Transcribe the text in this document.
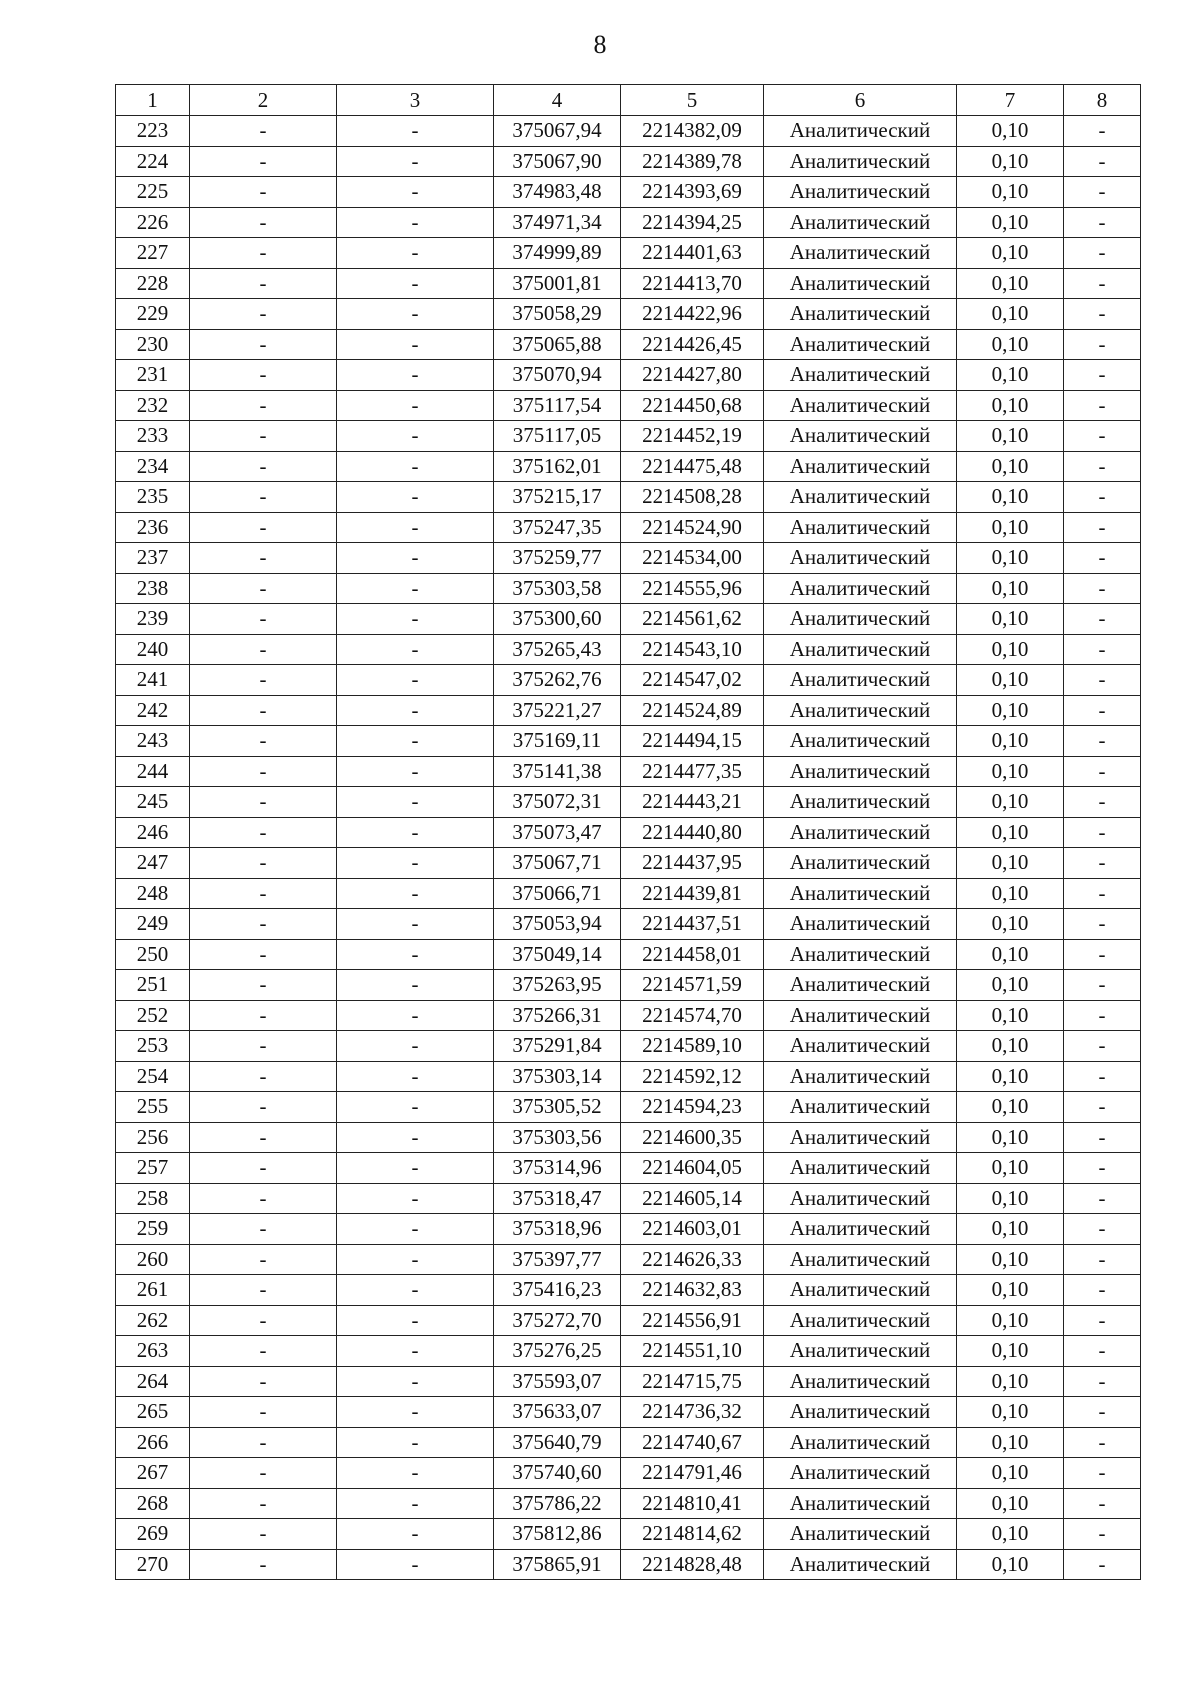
8
1	2	3	4	5	6	7	8
223	-	-	375067,94	2214382,09	Аналитический	0,10	-
224	-	-	375067,90	2214389,78	Аналитический	0,10	-
225	-	-	374983,48	2214393,69	Аналитический	0,10	-
226	-	-	374971,34	2214394,25	Аналитический	0,10	-
227	-	-	374999,89	2214401,63	Аналитический	0,10	-
228	-	-	375001,81	2214413,70	Аналитический	0,10	-
229	-	-	375058,29	2214422,96	Аналитический	0,10	-
230	-	-	375065,88	2214426,45	Аналитический	0,10	-
231	-	-	375070,94	2214427,80	Аналитический	0,10	-
232	-	-	375117,54	2214450,68	Аналитический	0,10	-
233	-	-	375117,05	2214452,19	Аналитический	0,10	-
234	-	-	375162,01	2214475,48	Аналитический	0,10	-
235	-	-	375215,17	2214508,28	Аналитический	0,10	-
236	-	-	375247,35	2214524,90	Аналитический	0,10	-
237	-	-	375259,77	2214534,00	Аналитический	0,10	-
238	-	-	375303,58	2214555,96	Аналитический	0,10	-
239	-	-	375300,60	2214561,62	Аналитический	0,10	-
240	-	-	375265,43	2214543,10	Аналитический	0,10	-
241	-	-	375262,76	2214547,02	Аналитический	0,10	-
242	-	-	375221,27	2214524,89	Аналитический	0,10	-
243	-	-	375169,11	2214494,15	Аналитический	0,10	-
244	-	-	375141,38	2214477,35	Аналитический	0,10	-
245	-	-	375072,31	2214443,21	Аналитический	0,10	-
246	-	-	375073,47	2214440,80	Аналитический	0,10	-
247	-	-	375067,71	2214437,95	Аналитический	0,10	-
248	-	-	375066,71	2214439,81	Аналитический	0,10	-
249	-	-	375053,94	2214437,51	Аналитический	0,10	-
250	-	-	375049,14	2214458,01	Аналитический	0,10	-
251	-	-	375263,95	2214571,59	Аналитический	0,10	-
252	-	-	375266,31	2214574,70	Аналитический	0,10	-
253	-	-	375291,84	2214589,10	Аналитический	0,10	-
254	-	-	375303,14	2214592,12	Аналитический	0,10	-
255	-	-	375305,52	2214594,23	Аналитический	0,10	-
256	-	-	375303,56	2214600,35	Аналитический	0,10	-
257	-	-	375314,96	2214604,05	Аналитический	0,10	-
258	-	-	375318,47	2214605,14	Аналитический	0,10	-
259	-	-	375318,96	2214603,01	Аналитический	0,10	-
260	-	-	375397,77	2214626,33	Аналитический	0,10	-
261	-	-	375416,23	2214632,83	Аналитический	0,10	-
262	-	-	375272,70	2214556,91	Аналитический	0,10	-
263	-	-	375276,25	2214551,10	Аналитический	0,10	-
264	-	-	375593,07	2214715,75	Аналитический	0,10	-
265	-	-	375633,07	2214736,32	Аналитический	0,10	-
266	-	-	375640,79	2214740,67	Аналитический	0,10	-
267	-	-	375740,60	2214791,46	Аналитический	0,10	-
268	-	-	375786,22	2214810,41	Аналитический	0,10	-
269	-	-	375812,86	2214814,62	Аналитический	0,10	-
270	-	-	375865,91	2214828,48	Аналитический	0,10	-
